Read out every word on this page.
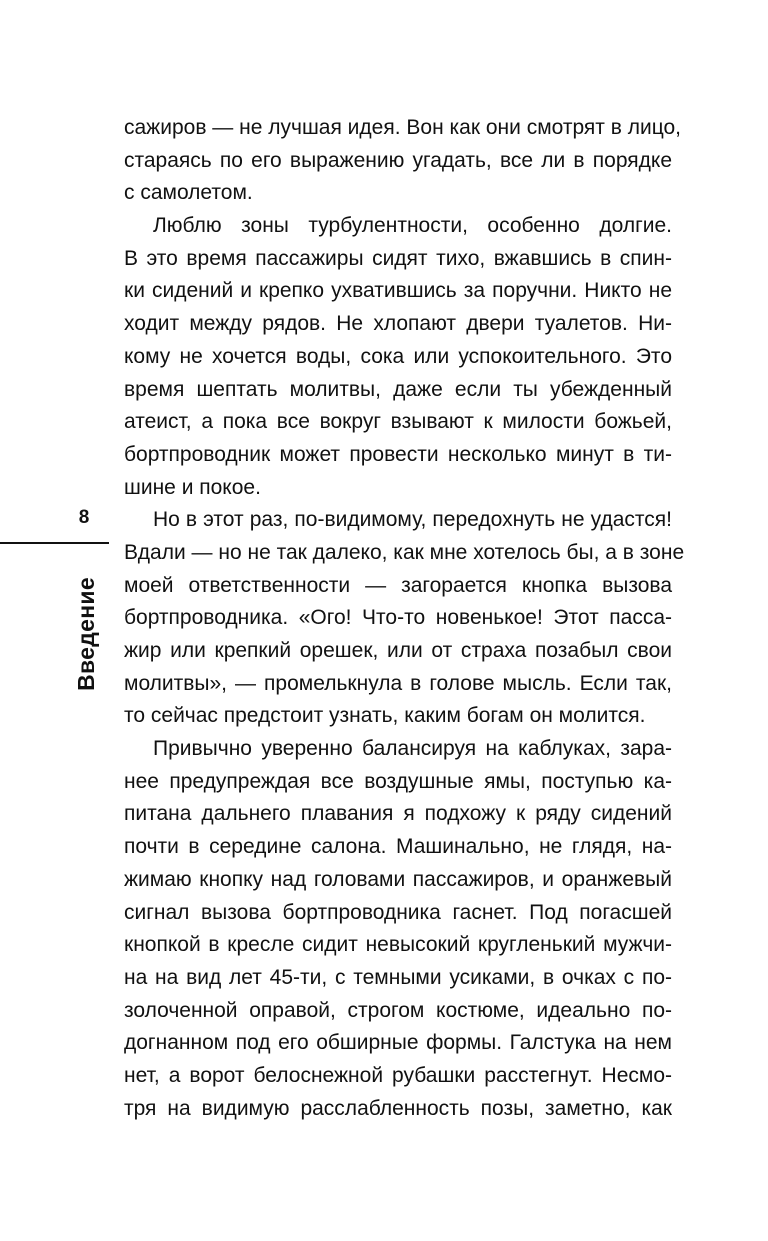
8
Введение
сажиров — не лучшая идея. Вон как они смотрят в лицо,
стараясь по его выражению угадать, все ли в порядке
с самолетом.
Люблю зоны турбулентности, особенно долгие.
В это время пассажиры сидят тихо, вжавшись в спин-
ки сидений и крепко ухватившись за поручни. Никто не
ходит между рядов. Не хлопают двери туалетов. Ни-
кому не хочется воды, сока или успокоительного. Это
время шептать молитвы, даже если ты убежденный
атеист, а пока все вокруг взывают к милости божьей,
бортпроводник может провести несколько минут в ти-
шине и покое.
Но в этот раз, по-видимому, передохнуть не удастся!
Вдали — но не так далеко, как мне хотелось бы, а в зоне
моей ответственности — загорается кнопка вызова
бортпроводника. «Ого! Что-то новенькое! Этот пасса-
жир или крепкий орешек, или от страха позабыл свои
молитвы», — промелькнула в голове мысль. Если так,
то сейчас предстоит узнать, каким богам он молится.
Привычно уверенно балансируя на каблуках, зара-
нее предупреждая все воздушные ямы, поступью ка-
питана дальнего плавания я подхожу к ряду сидений
почти в середине салона. Машинально, не глядя, на-
жимаю кнопку над головами пассажиров, и оранжевый
сигнал вызова бортпроводника гаснет. Под погасшей
кнопкой в кресле сидит невысокий кругленький мужчи-
на на вид лет 45-ти, с темными усиками, в очках с по-
золоченной оправой, строгом костюме, идеально по-
догнанном под его обширные формы. Галстука на нем
нет, а ворот белоснежной рубашки расстегнут. Несмо-
тря на видимую расслабленность позы, заметно, как
